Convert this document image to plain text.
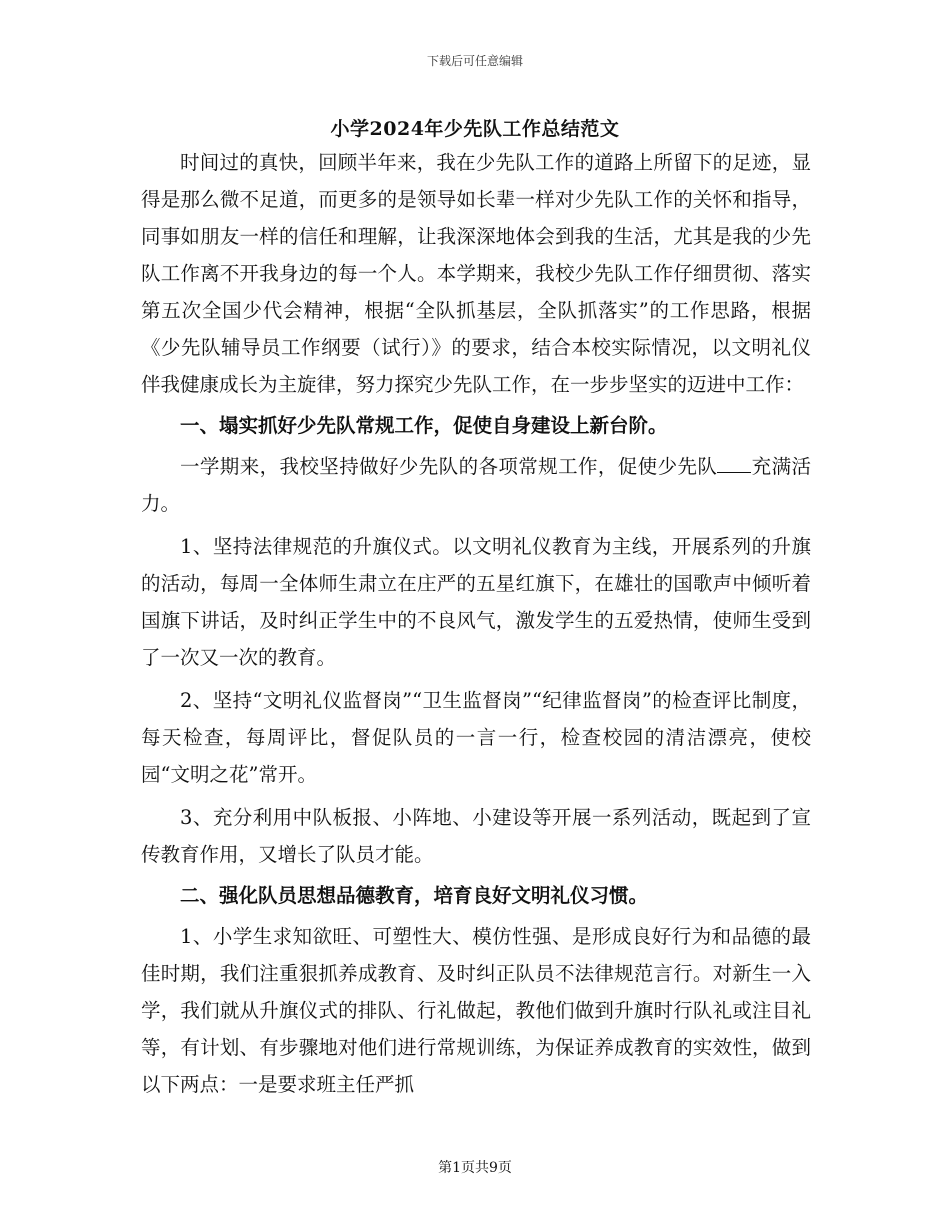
下载后可任意编辑
小学2024年少先队工作总结范文

时间过的真快，回顾半年来，我在少先队工作的道路上所留下的足迹，显得是那么微不足道，而更多的是领导如长辈一样对少先队工作的关怀和指导，同事如朋友一样的信任和理解，让我深深地体会到我的生活，尤其是我的少先队工作离不开我身边的每一个人。本学期来，我校少先队工作仔细贯彻、落实第五次全国少代会精神，根据“全队抓基层，全队抓落实”的工作思路，根据《少先队辅导员工作纲要（试行）》的要求，结合本校实际情况，以文明礼仪伴我健康成长为主旋律，努力探究少先队工作，在一步步坚实的迈进中工作：

一、塌实抓好少先队常规工作，促使自身建设上新台阶。

一学期来，我校坚持做好少先队的各项常规工作，促使少先队 充满活力。

1、坚持法律规范的升旗仪式。以文明礼仪教育为主线，开展系列的升旗的活动，每周一全体师生肃立在庄严的五星红旗下，在雄壮的国歌声中倾听着国旗下讲话，及时纠正学生中的不良风气，激发学生的五爱热情，使师生受到了一次又一次的教育。

2、坚持“文明礼仪监督岗”“卫生监督岗”“纪律监督岗”的检查评比制度，每天检查，每周评比，督促队员的一言一行，检查校园的清洁漂亮，使校园“文明之花”常开。

3、充分利用中队板报、小阵地、小建设等开展一系列活动，既起到了宣传教育作用，又增长了队员才能。

二、强化队员思想品德教育，培育良好文明礼仪习惯。

1、小学生求知欲旺、可塑性大、模仿性强、是形成良好行为和品德的最佳时期，我们注重狠抓养成教育、及时纠正队员不法律规范言行。对新生一入学，我们就从升旗仪式的排队、行礼做起，教他们做到升旗时行队礼或注目礼等，有计划、有步骤地对他们进行常规训练，为保证养成教育的实效性，做到以下两点：一是要求班主任严抓

第1页共9页
